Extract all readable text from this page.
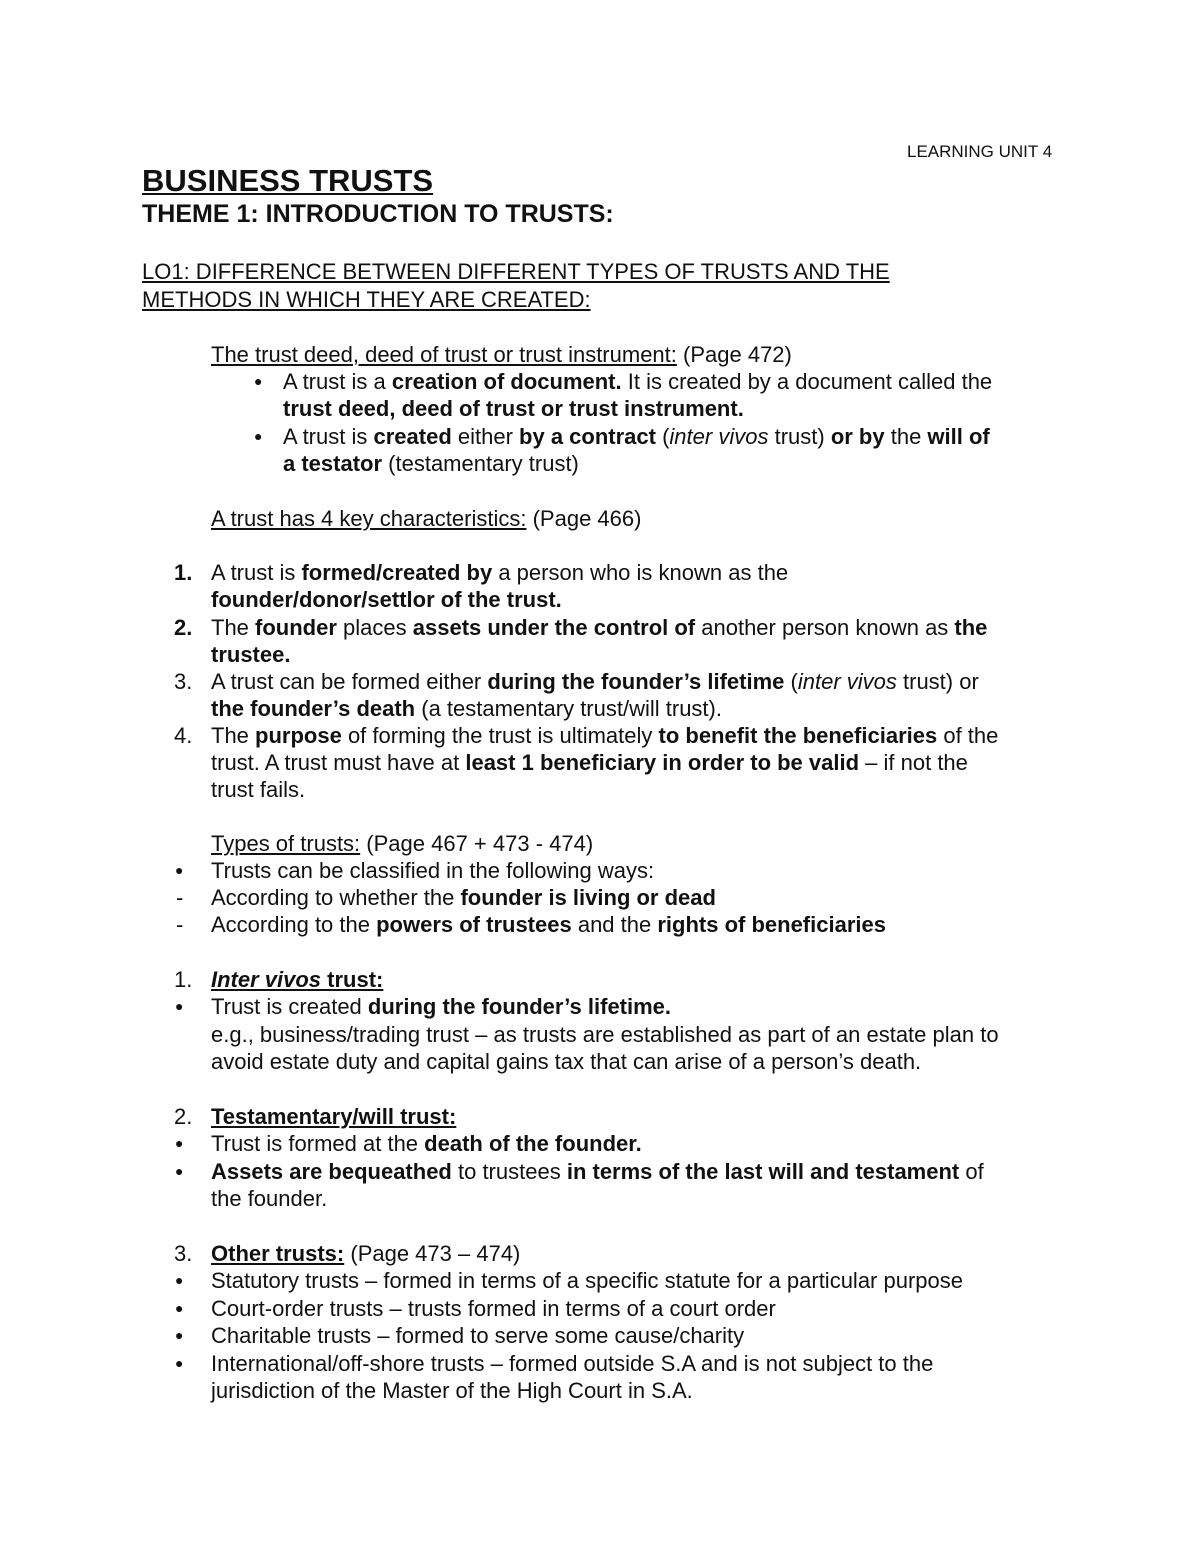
LEARNING UNIT 4
BUSINESS TRUSTS
THEME 1: INTRODUCTION TO TRUSTS:
LO1: DIFFERENCE BETWEEN DIFFERENT TYPES OF TRUSTS AND THE
METHODS IN WHICH THEY ARE CREATED:
The trust deed, deed of trust or trust instrument: (Page 472)
● A trust is a creation of document. It is created by a document called the
trust deed, deed of trust or trust instrument.
● A trust is created either by a contract (inter vivos trust) or by the will of
a testator (testamentary trust)
A trust has 4 key characteristics: (Page 466)
1. A trust is formed/created by a person who is known as the
founder/donor/settlor of the trust.
2. The founder places assets under the control of another person known as the
trustee.
3. A trust can be formed either during the founder’s lifetime (inter vivos trust) or
the founder’s death (a testamentary trust/will trust).
4. The purpose of forming the trust is ultimately to benefit the beneficiaries of the
trust. A trust must have at least 1 beneficiary in order to be valid – if not the
trust fails.
Types of trusts: (Page 467 + 473 - 474)
● Trusts can be classified in the following ways:
- According to whether the founder is living or dead
- According to the powers of trustees and the rights of beneficiaries
1. Inter vivos trust:
● Trust is created during the founder’s lifetime.
e.g., business/trading trust – as trusts are established as part of an estate plan to
avoid estate duty and capital gains tax that can arise of a person’s death.
2. Testamentary/will trust:
● Trust is formed at the death of the founder.
● Assets are bequeathed to trustees in terms of the last will and testament of
the founder.
3. Other trusts: (Page 473 – 474)
● Statutory trusts – formed in terms of a specific statute for a particular purpose
● Court-order trusts – trusts formed in terms of a court order
● Charitable trusts – formed to serve some cause/charity
● International/off-shore trusts – formed outside S.A and is not subject to the
jurisdiction of the Master of the High Court in S.A.
